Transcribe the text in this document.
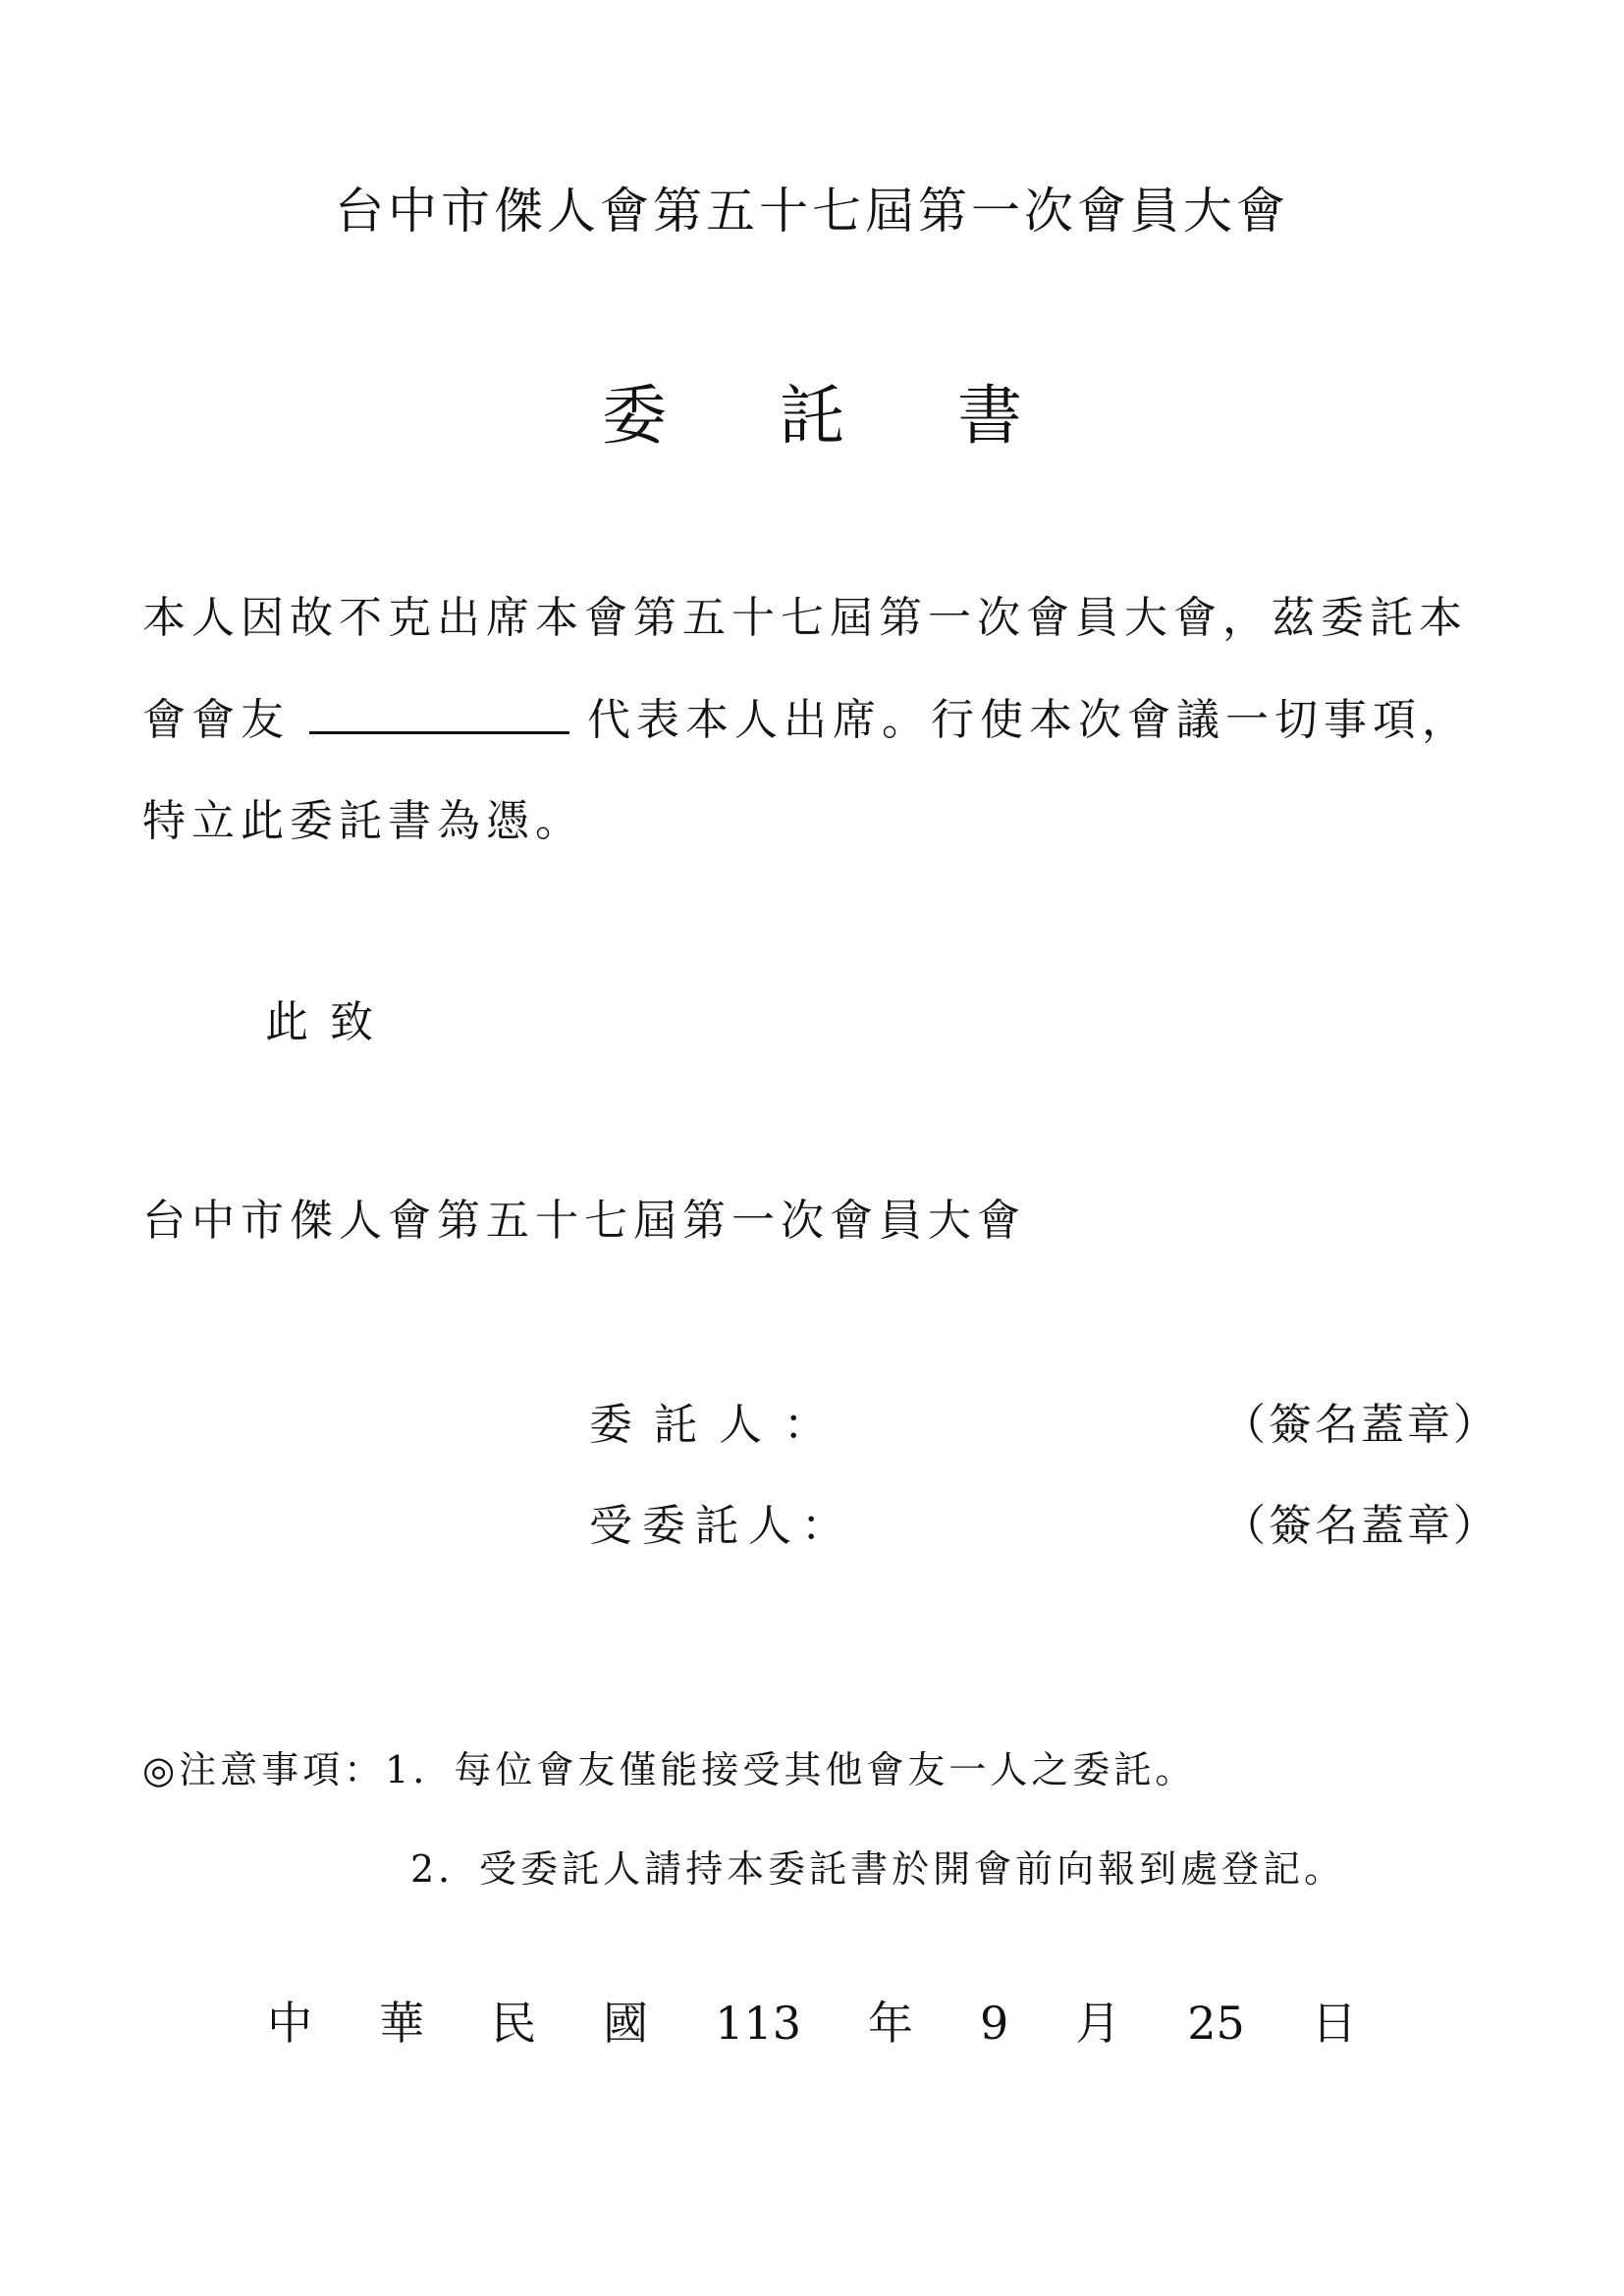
台中市傑人會第五十七屆第一次會員大會
委 託 書
本人因故不克出席本會第五十七屆第一次會員大會，茲委託本
會會友	代表本人出席。行使本次會議一切事項，
特立此委託書為憑。
此致
台中市傑人會第五十七屆第一次會員大會
委託人：	（簽名蓋章）
受委託人：	（簽名蓋章）
◎注意事項：1．每位會友僅能接受其他會友一人之委託。
2．受委託人請持本委託書於開會前向報到處登記。
中 華 民 國 113 年 9 月 25 日
